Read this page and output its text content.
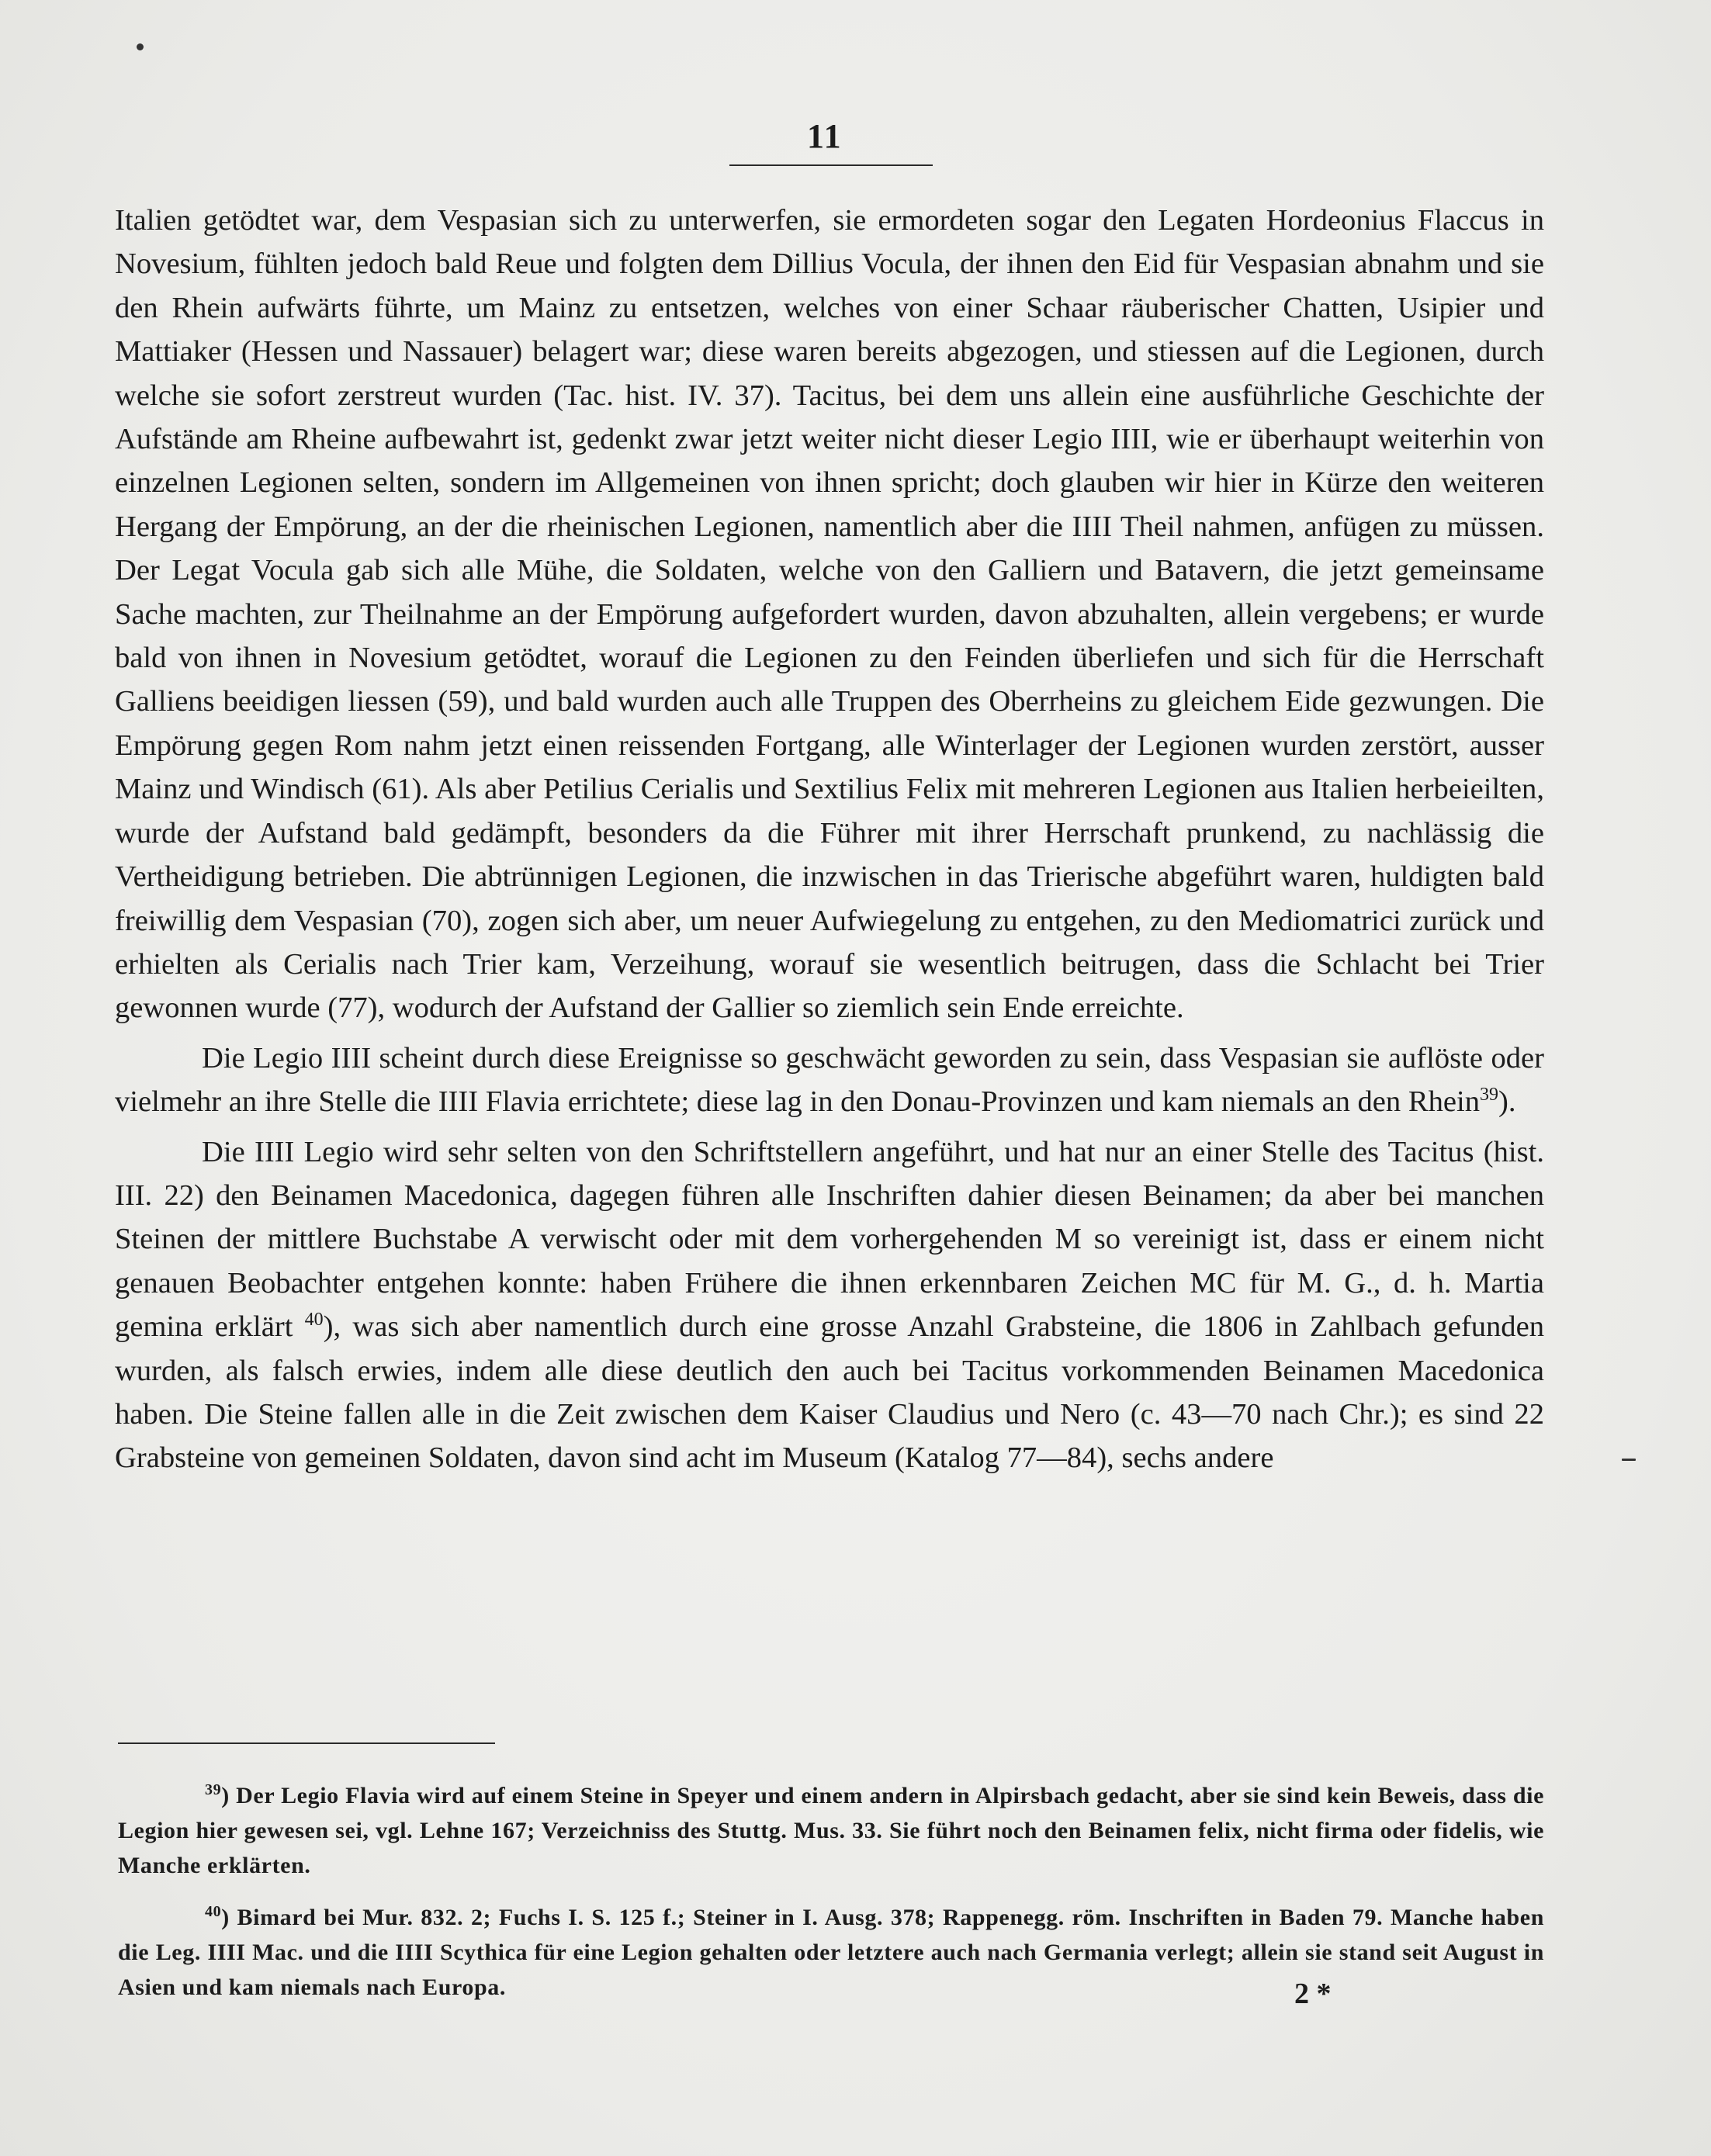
11

Italien getödtet war, dem Vespasian sich zu unterwerfen, sie ermordeten sogar den Legaten Hordeonius Flaccus in Novesium, fühlten jedoch bald Reue und folgten dem Dillius Vocula, der ihnen den Eid für Vespasian abnahm und sie den Rhein aufwärts führte, um Mainz zu entsetzen, welches von einer Schaar räuberischer Chatten, Usipier und Mattiaker (Hessen und Nassauer) belagert war; diese waren bereits abgezogen, und stiessen auf die Legionen, durch welche sie sofort zerstreut wurden (Tac. hist. IV. 37). Tacitus, bei dem uns allein eine ausführliche Geschichte der Aufstände am Rheine aufbewahrt ist, gedenkt zwar jetzt weiter nicht dieser Legio IIII, wie er überhaupt weiterhin von einzelnen Legionen selten, sondern im Allgemeinen von ihnen spricht; doch glauben wir hier in Kürze den weiteren Hergang der Empörung, an der die rheinischen Legionen, namentlich aber die IIII Theil nahmen, anfügen zu müssen. Der Legat Vocula gab sich alle Mühe, die Soldaten, welche von den Galliern und Batavern, die jetzt gemeinsame Sache machten, zur Theilnahme an der Empörung aufgefordert wurden, davon abzuhalten, allein vergebens; er wurde bald von ihnen in Novesium getödtet, worauf die Legionen zu den Feinden überliefen und sich für die Herrschaft Galliens beeidigen liessen (59), und bald wurden auch alle Truppen des Oberrheins zu gleichem Eide gezwungen. Die Empörung gegen Rom nahm jetzt einen reissenden Fortgang, alle Winterlager der Legionen wurden zerstört, ausser Mainz und Windisch (61). Als aber Petilius Cerialis und Sextilius Felix mit mehreren Legionen aus Italien herbeieilten, wurde der Aufstand bald gedämpft, besonders da die Führer mit ihrer Herrschaft prunkend, zu nachlässig die Vertheidigung betrieben. Die abtrünnigen Legionen, die inzwischen in das Trierische abgeführt waren, huldigten bald freiwillig dem Vespasian (70), zogen sich aber, um neuer Aufwiegelung zu entgehen, zu den Mediomatrici zurück und erhielten als Cerialis nach Trier kam, Verzeihung, worauf sie wesentlich beitrugen, dass die Schlacht bei Trier gewonnen wurde (77), wodurch der Aufstand der Gallier so ziemlich sein Ende erreichte.

Die Legio IIII scheint durch diese Ereignisse so geschwächt geworden zu sein, dass Vespasian sie auflöste oder vielmehr an ihre Stelle die IIII Flavia errichtete; diese lag in den Donau-Provinzen und kam niemals an den Rhein$^{39}$).

Die IIII Legio wird sehr selten von den Schriftstellern angeführt, und hat nur an einer Stelle des Tacitus (hist. III. 22) den Beinamen Macedonica, dagegen führen alle Inschriften dahier diesen Beinamen; da aber bei manchen Steinen der mittlere Buchstabe A verwischt oder mit dem vorhergehenden M so vereinigt ist, dass er einem nicht genauen Beobachter entgehen konnte: haben Frühere die ihnen erkennbaren Zeichen MC für M. G., d. h. Martia gemina erklärt $^{40}$), was sich aber namentlich durch eine grosse Anzahl Grabsteine, die 1806 in Zahlbach gefunden wurden, als falsch erwies, indem alle diese deutlich den auch bei Tacitus vorkommenden Beinamen Macedonica haben. Die Steine fallen alle in die Zeit zwischen dem Kaiser Claudius und Nero (c. 43—70 nach Chr.); es sind 22 Grabsteine von gemeinen Soldaten, davon sind acht im Museum (Katalog 77—84), sechs andere

$^{39}$) Der Legio Flavia wird auf einem Steine in Speyer und einem andern in Alpirsbach gedacht, aber sie sind kein Beweis, dass die Legion hier gewesen sei, vgl. Lehne 167; Verzeichniss des Stuttg. Mus. 33. Sie führt noch den Beinamen felix, nicht firma oder fidelis, wie Manche erklärten.

$^{40}$) Bimard bei Mur. 832. 2; Fuchs I. S. 125 f.; Steiner in I. Ausg. 378; Rappenegg. röm. Inschriften in Baden 79. Manche haben die Leg. IIII Mac. und die IIII Scythica für eine Legion gehalten oder letztere auch nach Germania verlegt; allein sie stand seit August in Asien und kam niemals nach Europa.	2 *
